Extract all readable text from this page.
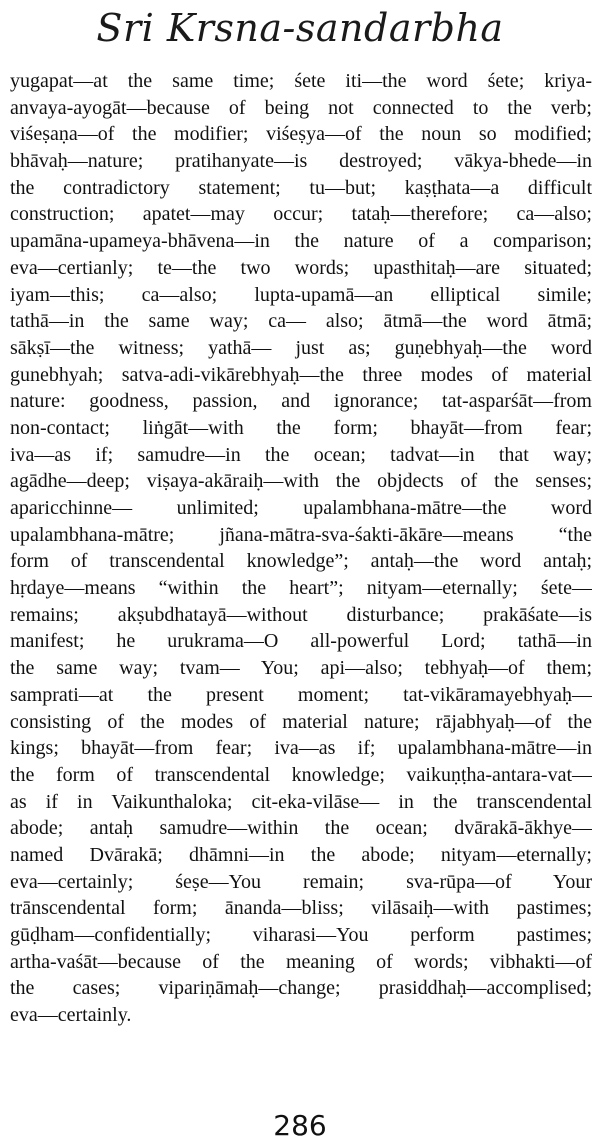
Sri Krsna-sandarbha
yugapat—at the same time; śete iti—the word śete; kriya-
anvaya-ayogāt—because of being not connected to the verb;
viśeṣaṇa—of the modifier; viśeṣya—of the noun so modified;
bhāvaḥ—nature; pratihanyate—is destroyed; vākya-bhede—in
the contradictory statement; tu—but; kaṣṭhata—a difficult
construction; apatet—may occur; tataḥ—therefore; ca—also;
upamāna-upameya-bhāvena—in the nature of a comparison;
eva—certianly; te—the two words; upasthitaḥ—are situated;
iyam—this; ca—also; lupta-upamā—an elliptical simile;
tathā—in the same way; ca— also; ātmā—the word ātmā;
sākṣī—the witness; yathā— just as; guṇebhyaḥ—the word
gunebhyah; satva-adi-vikārebhyaḥ—the three modes of material
nature: goodness, passion, and ignorance; tat-asparśāt—from
non-contact; liṅgāt—with the form; bhayāt—from fear;
iva—as if; samudre—in the ocean; tadvat—in that way;
agādhe—deep; viṣaya-akāraiḥ—with the objdects of the senses;
aparicchinne— unlimited; upalambhana-mātre—the word
upalambhana-mātre; jñana-mātra-sva-śakti-ākāre—means “the
form of transcendental knowledge”; antaḥ—the word antaḥ;
hṛdaye—means “within the heart”; nityam—eternally; śete—
remains; akṣubdhatayā—without disturbance; prakāśate—is
manifest; he urukrama—O all-powerful Lord; tathā—in
the same way; tvam— You; api—also; tebhyaḥ—of them;
samprati—at the present moment; tat-vikāramayebhyaḥ—
consisting of the modes of material nature; rājabhyaḥ—of the
kings; bhayāt—from fear; iva—as if; upalambhana-mātre—in
the form of transcendental knowledge; vaikuṇṭha-antara-vat—
as if in Vaikunthaloka; cit-eka-vilāse— in the transcendental
abode; antaḥ samudre—within the ocean; dvārakā-ākhye—
named Dvārakā; dhāmni—in the abode; nityam—eternally;
eva—certainly; śeṣe—You remain; sva-rūpa—of Your
trānscendental form; ānanda—bliss; vilāsaiḥ—with pastimes;
gūḍham—confidentially; viharasi—You perform pastimes;
artha-vaśāt—because of the meaning of words; vibhakti—of
the cases; vipariṇāmaḥ—change; prasiddhaḥ—accomplised;
eva—certainly.
286
